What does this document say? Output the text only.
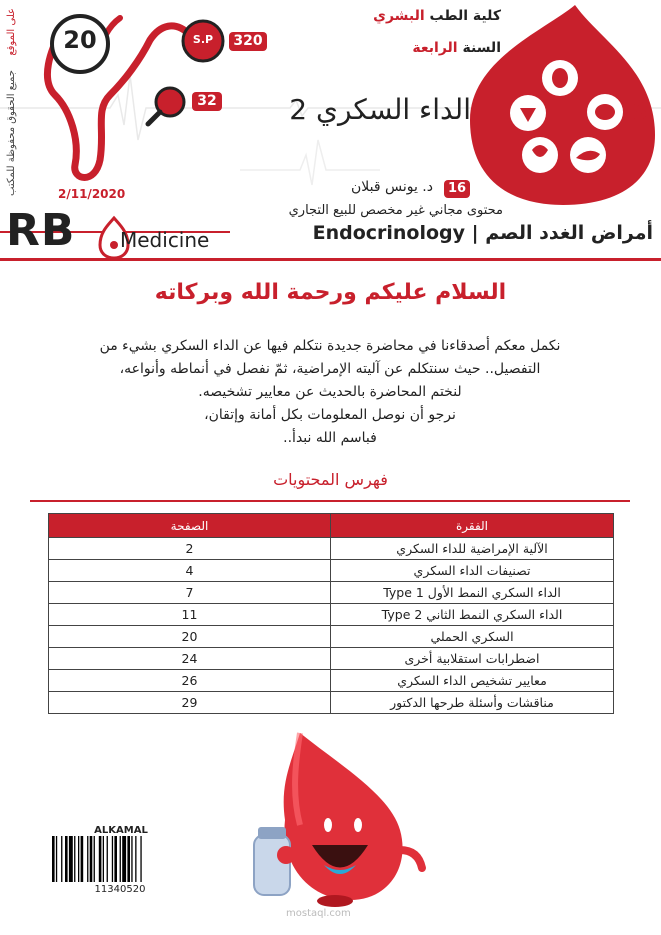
على الموقع
جميع الحقوق محفوظة للمكتب
20	S.P	320
32
كلية الطب البشري
السنة الرابعة
الداء السكري 2	S
2/11/2020	16
د. يونس قبلان
محتوى مجاني غير مخصص للبيع التجاري
RB Medicine	أمراض الغدد الصم | Endocrinology
السلام عليكم ورحمة الله وبركاته
نكمل معكم أصدقاءنا في محاضرة جديدة نتكلم فيها عن الداء السكري بشيء من
التفصيل.. حيث سنتكلم عن آليته الإمراضية، ثمّ نفصل في أنماطه وأنواعه،
لنختم المحاضرة بالحديث عن معايير تشخيصه.
نرجو أن نوصل المعلومات بكل أمانة وإتقان،
فباسم الله نبدأ..
فهرس المحتويات
الفقرة	الصفحة
الآلية الإمراضية للداء السكري	2
تصنيفات الداء السكري	4
الداء السكري النمط الأول Type 1	7
الداء السكري النمط الثاني Type 2	11
السكري الحملي	20
اضطرابات استقلابية أخرى	24
معايير تشخيص الداء السكري	26
مناقشات وأسئلة طرحها الدكتور	29
ALKAMAL
11340520
mostaql.com
